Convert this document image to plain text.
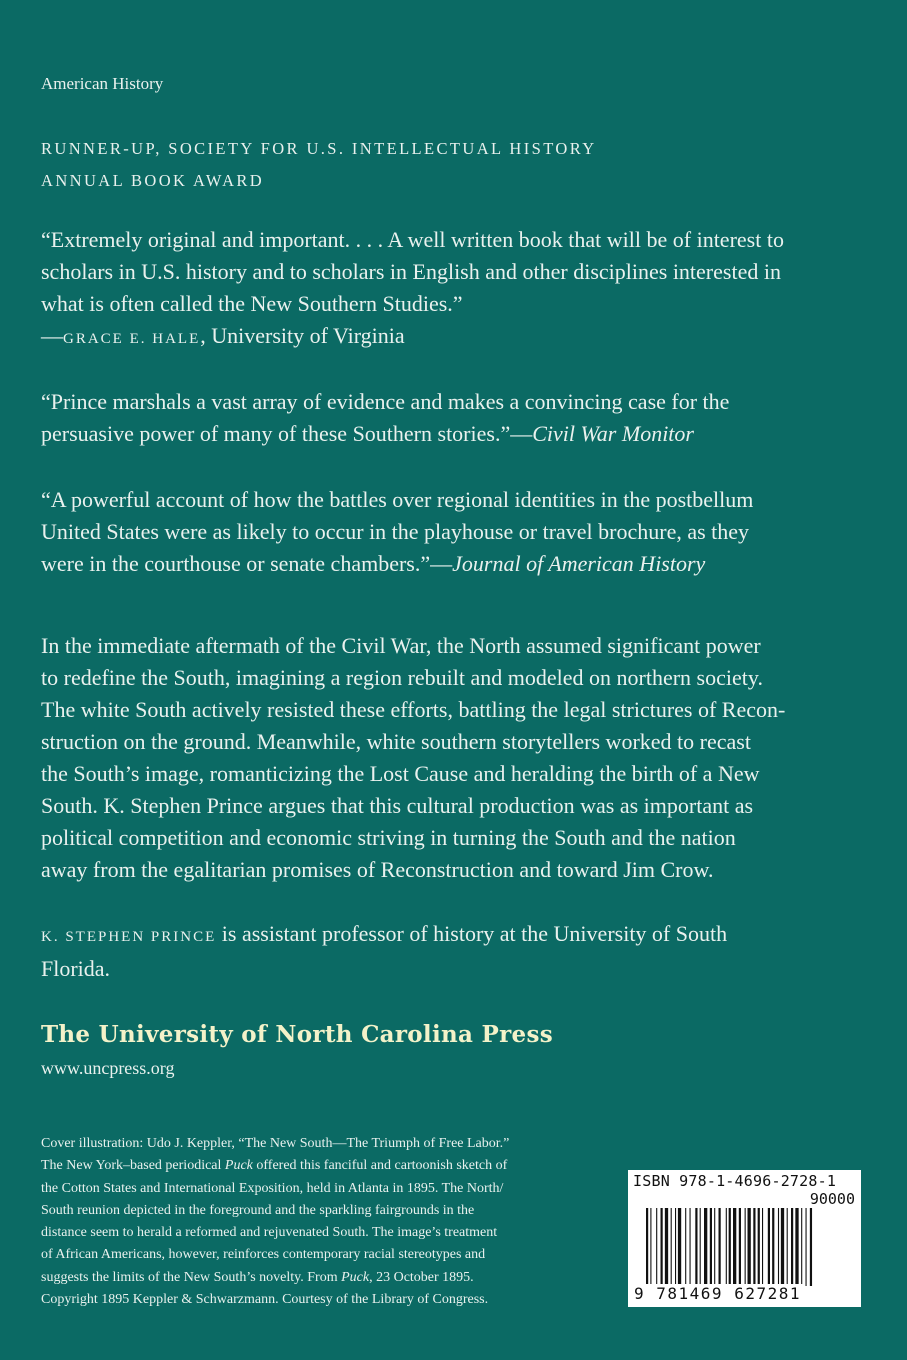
American History
RUNNER-UP, SOCIETY FOR U.S. INTELLECTUAL HISTORY
ANNUAL BOOK AWARD
“Extremely original and important. . . . A well written book that will be of interest to
scholars in U.S. history and to scholars in English and other disciplines interested in
what is often called the New Southern Studies.”
—GRACE E. HALE, University of Virginia
“Prince marshals a vast array of evidence and makes a convincing case for the
persuasive power of many of these Southern stories.”—Civil War Monitor
“A powerful account of how the battles over regional identities in the postbellum
United States were as likely to occur in the playhouse or travel brochure, as they
were in the courthouse or senate chambers.”—Journal of American History
In the immediate aftermath of the Civil War, the North assumed significant power
to redefine the South, imagining a region rebuilt and modeled on northern society.
The white South actively resisted these efforts, battling the legal strictures of Recon-
struction on the ground. Meanwhile, white southern storytellers worked to recast
the South’s image, romanticizing the Lost Cause and heralding the birth of a New
South. K. Stephen Prince argues that this cultural production was as important as
political competition and economic striving in turning the South and the nation
away from the egalitarian promises of Reconstruction and toward Jim Crow.
K. STEPHEN PRINCE is assistant professor of history at the University of South
Florida.
The University of North Carolina Press
www.uncpress.org
Cover illustration: Udo J. Keppler, “The New South—The Triumph of Free Labor.”
The New York–based periodical Puck offered this fanciful and cartoonish sketch of
the Cotton States and International Exposition, held in Atlanta in 1895. The North/
South reunion depicted in the foreground and the sparkling fairgrounds in the
distance seem to herald a reformed and rejuvenated South. The image’s treatment
of African Americans, however, reinforces contemporary racial stereotypes and
suggests the limits of the New South’s novelty. From Puck, 23 October 1895.
Copyright 1895 Keppler & Schwarzmann. Courtesy of the Library of Congress.
ISBN 978-1-4696-2728-1
90000
9 781469 627281
